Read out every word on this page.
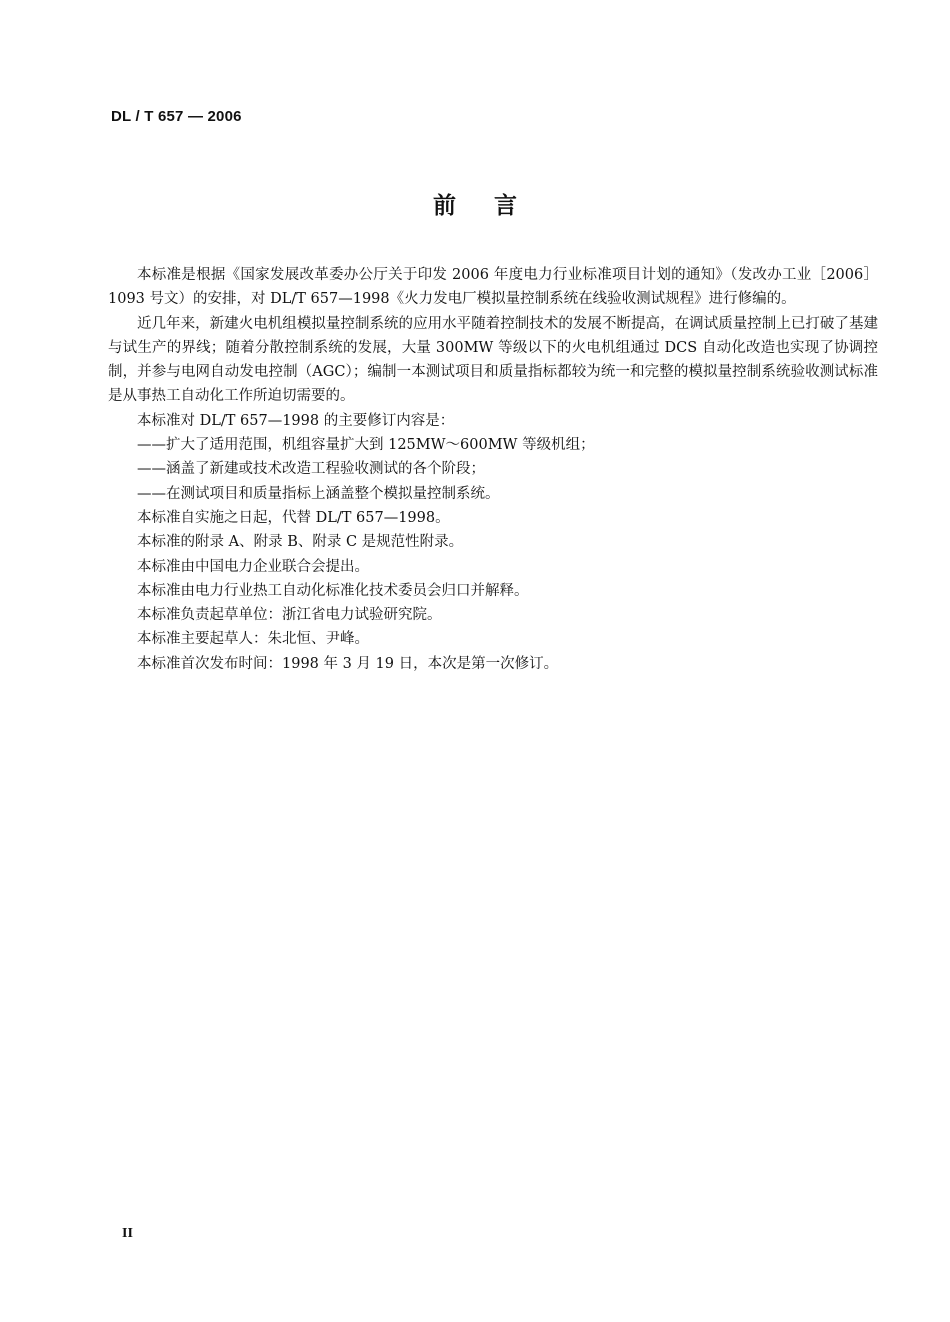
DL / T 657 — 2006
前 言

本标准是根据《国家发展改革委办公厅关于印发 2006 年度电力行业标准项目计划的通知》（发改办工业［2006］1093 号文）的安排，对 DL/T 657—1998《火力发电厂模拟量控制系统在线验收测试规程》进行修编的。

近几年来，新建火电机组模拟量控制系统的应用水平随着控制技术的发展不断提高，在调试质量控制上已打破了基建与试生产的界线；随着分散控制系统的发展，大量 300MW 等级以下的火电机组通过 DCS 自动化改造也实现了协调控制，并参与电网自动发电控制（AGC）；编制一本测试项目和质量指标都较为统一和完整的模拟量控制系统验收测试标准是从事热工自动化工作所迫切需要的。

本标准对 DL/T 657—1998 的主要修订内容是：

——扩大了适用范围，机组容量扩大到 125MW～600MW 等级机组；

——涵盖了新建或技术改造工程验收测试的各个阶段；

——在测试项目和质量指标上涵盖整个模拟量控制系统。

本标准自实施之日起，代替 DL/T 657—1998。

本标准的附录 A、附录 B、附录 C 是规范性附录。

本标准由中国电力企业联合会提出。

本标准由电力行业热工自动化标准化技术委员会归口并解释。

本标准负责起草单位：浙江省电力试验研究院。

本标准主要起草人：朱北恒、尹峰。

本标准首次发布时间：1998 年 3 月 19 日，本次是第一次修订。

II
